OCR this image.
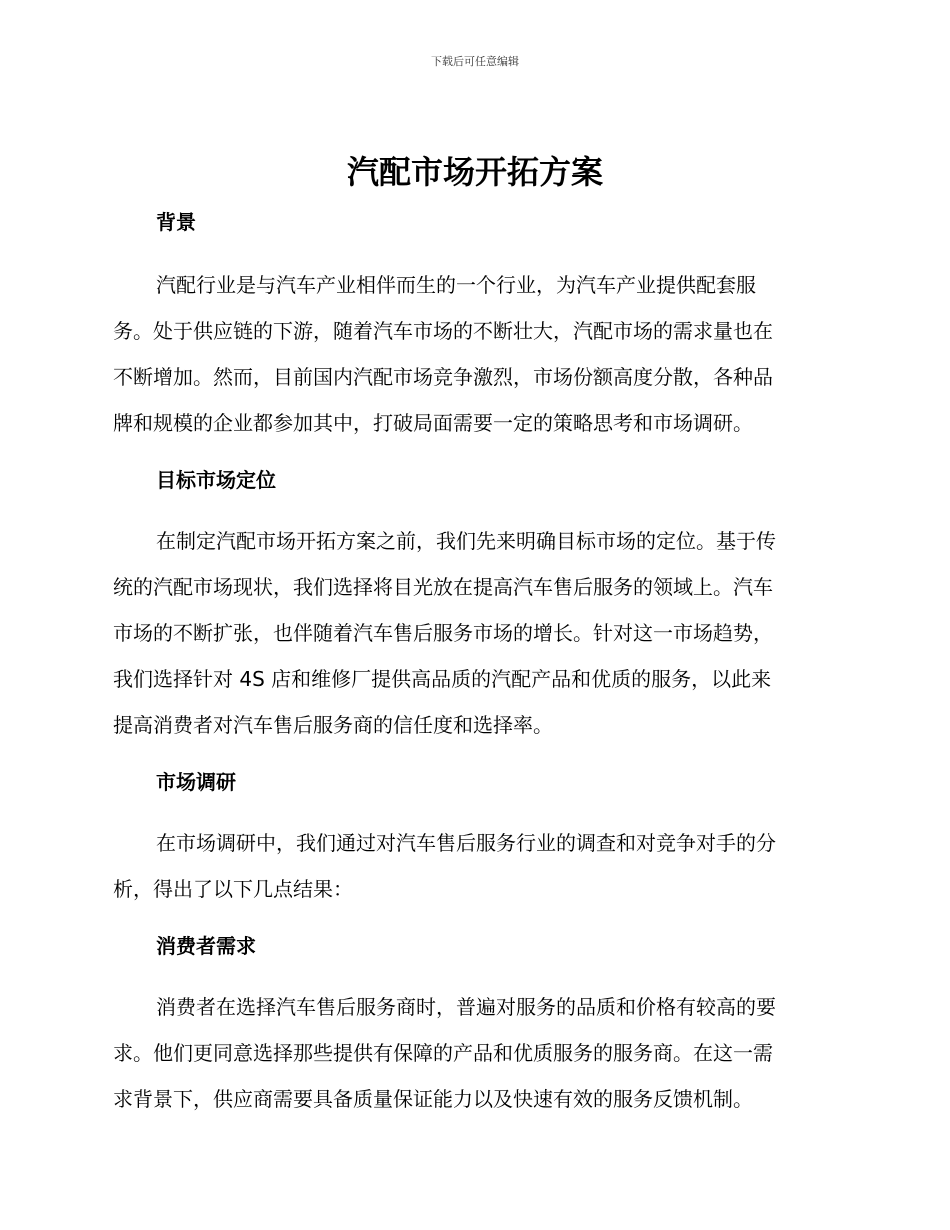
下载后可任意编辑
汽配市场开拓方案
背景
汽配行业是与汽车产业相伴而生的一个行业，为汽车产业提供配套服
务。处于供应链的下游，随着汽车市场的不断壮大，汽配市场的需求量也在
不断增加。然而，目前国内汽配市场竞争激烈，市场份额高度分散，各种品
牌和规模的企业都参加其中，打破局面需要一定的策略思考和市场调研。
目标市场定位
在制定汽配市场开拓方案之前，我们先来明确目标市场的定位。基于传
统的汽配市场现状，我们选择将目光放在提高汽车售后服务的领域上。汽车
市场的不断扩张，也伴随着汽车售后服务市场的增长。针对这一市场趋势，
我们选择针对 4S 店和维修厂提供高品质的汽配产品和优质的服务，以此来
提高消费者对汽车售后服务商的信任度和选择率。
市场调研
在市场调研中，我们通过对汽车售后服务行业的调查和对竞争对手的分
析，得出了以下几点结果：
消费者需求
消费者在选择汽车售后服务商时，普遍对服务的品质和价格有较高的要
求。他们更同意选择那些提供有保障的产品和优质服务的服务商。在这一需
求背景下，供应商需要具备质量保证能力以及快速有效的服务反馈机制。
